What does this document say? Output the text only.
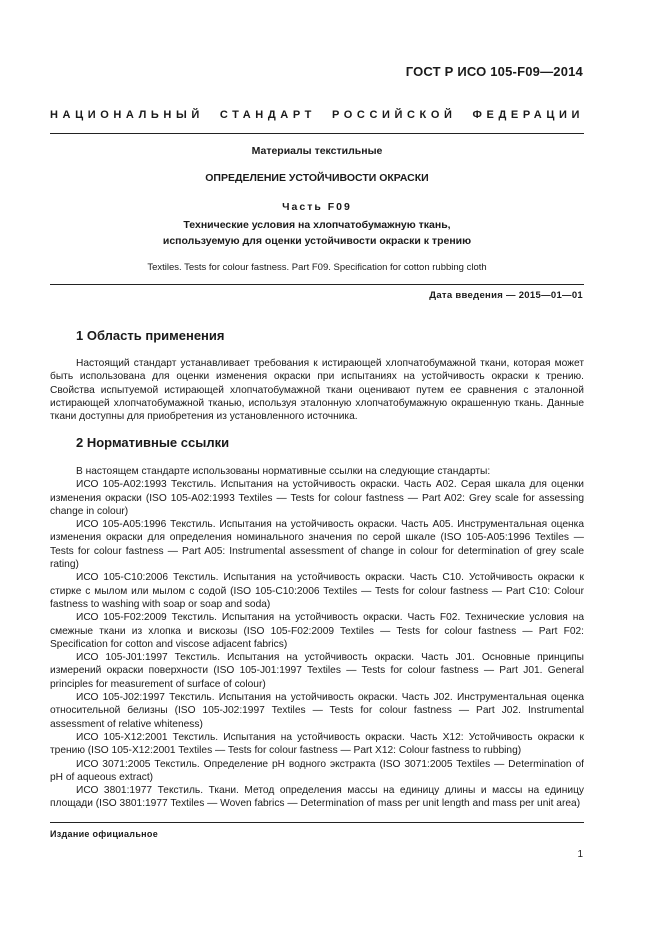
ГОСТ Р ИСО 105-F09—2014
НАЦИОНАЛЬНЫЙ СТАНДАРТ РОССИЙСКОЙ ФЕДЕРАЦИИ
Материалы текстильные
ОПРЕДЕЛЕНИЕ УСТОЙЧИВОСТИ ОКРАСКИ
Часть F09
Технические условия на хлопчатобумажную ткань,
используемую для оценки устойчивости окраски к трению
Textiles. Tests for colour fastness. Part F09. Specification for cotton rubbing cloth
Дата введения — 2015—01—01
1 Область применения

Настоящий стандарт устанавливает требования к истирающей хлопчатобумажной ткани, которая может быть использована для оценки изменения окраски при испытаниях на устойчивость окраски к трению. Свойства испытуемой истирающей хлопчатобумажной ткани оценивают путем ее сравнения с эталонной истирающей хлопчатобумажной тканью, используя эталонную хлопчатобумажную окрашенную ткань. Данные ткани доступны для приобретения из установленного источника.

2 Нормативные ссылки

В настоящем стандарте использованы нормативные ссылки на следующие стандарты:

ИСО 105-A02:1993 Текстиль. Испытания на устойчивость окраски. Часть А02. Серая шкала для оценки изменения окраски (ISO 105-A02:1993 Textiles — Tests for colour fastness — Part A02: Grey scale for assessing change in colour)

ИСО 105-A05:1996 Текстиль. Испытания на устойчивость окраски. Часть А05. Инструментальная оценка изменения окраски для определения номинального значения по серой шкале (ISO 105-A05:1996 Textiles — Tests for colour fastness — Part A05: Instrumental assessment of change in colour for determination of grey scale rating)

ИСО 105-C10:2006 Текстиль. Испытания на устойчивость окраски. Часть С10. Устойчивость окраски к стирке с мылом или мылом с содой (ISO 105-C10:2006 Textiles — Tests for colour fastness — Part C10: Colour fastness to washing with soap or soap and soda)

ИСО 105-F02:2009 Текстиль. Испытания на устойчивость окраски. Часть F02. Технические условия на смежные ткани из хлопка и вискозы (ISO 105-F02:2009 Textiles — Tests for colour fastness — Part F02: Specification for cotton and viscose adjacent fabrics)

ИСО 105-J01:1997 Текстиль. Испытания на устойчивость окраски. Часть J01. Основные принципы измерений окраски поверхности (ISO 105-J01:1997 Textiles — Tests for colour fastness — Part J01. General principles for measurement of surface of colour)

ИСО 105-J02:1997 Текстиль. Испытания на устойчивость окраски. Часть J02. Инструментальная оценка относительной белизны (ISO 105-J02:1997 Textiles — Tests for colour fastness — Part J02. Instrumental assessment of relative whiteness)

ИСО 105-X12:2001 Текстиль. Испытания на устойчивость окраски. Часть X12: Устойчивость окраски к трению (ISO 105-X12:2001 Textiles — Tests for colour fastness — Part X12: Colour fastness to rubbing)

ИСО 3071:2005 Текстиль. Определение pH водного экстракта (ISO 3071:2005 Textiles — Determination of pH of aqueous extract)

ИСО 3801:1977 Текстиль. Ткани. Метод определения массы на единицу длины и массы на единицу площади (ISO 3801:1977 Textiles — Woven fabrics — Determination of mass per unit length and mass per unit area)

Издание официальное
1
